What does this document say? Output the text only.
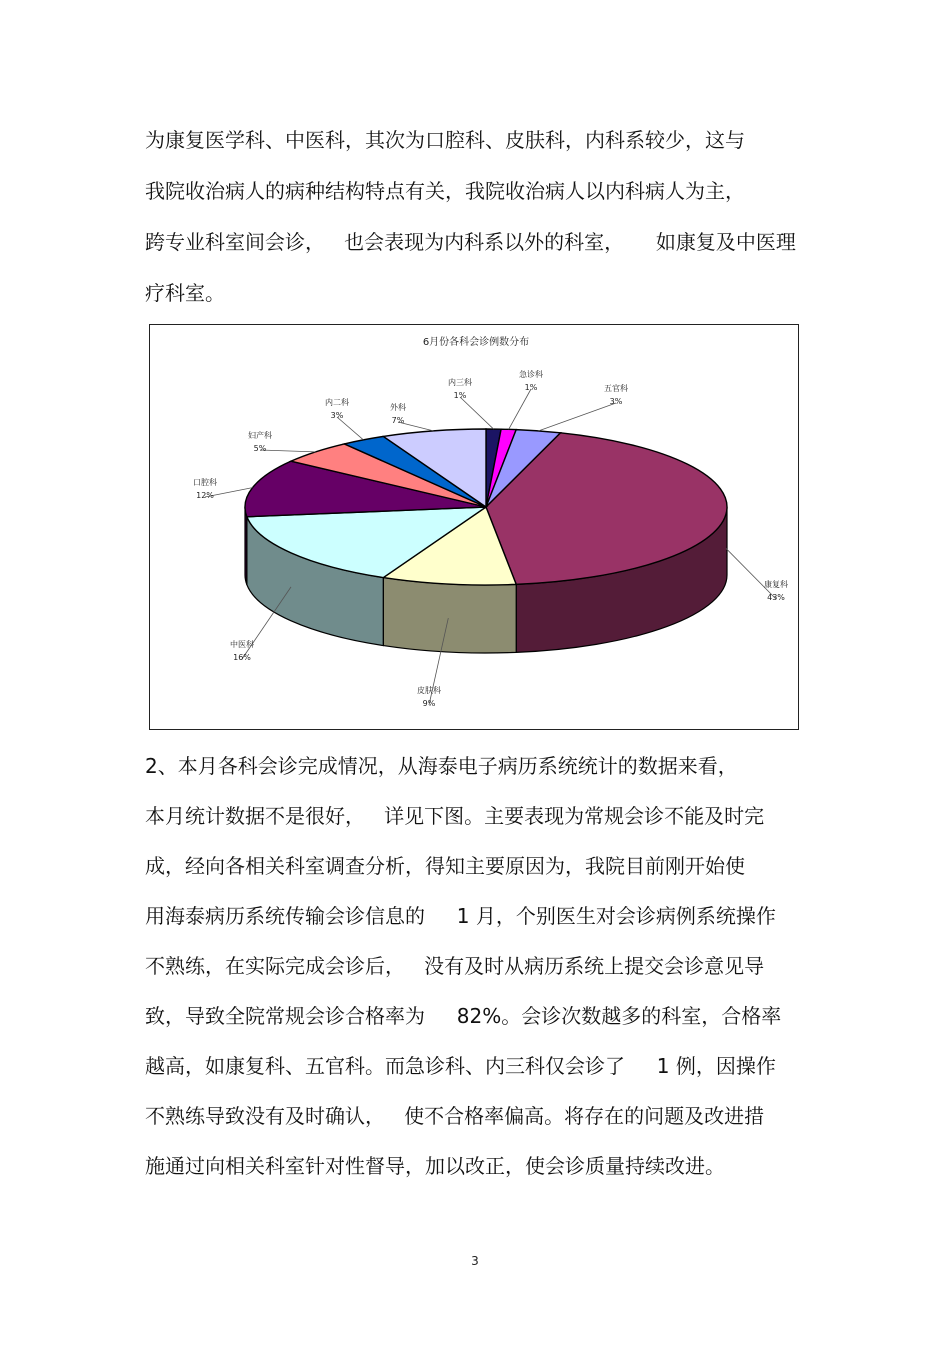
为康复医学科、中医科，其次为口腔科、皮肤科，内科系较少，这与
我院收治病人的病种结构特点有关，我院收治病人以内科病人为主，
跨专业科室间会诊，   也会表现为内科系以外的科室，     如康复及中医理
疗科室。
6月份各科会诊例数分布
内三科
1%
急诊科
1%	五官科
3%
康复科
43%
皮肤科
9%
中医科
16%
口腔科
12%
妇产科
5%
内二科
3%
外科
7%
2、本月各科会诊完成情况，从海泰电子病历系统统计的数据来看，
本月统计数据不是很好，   详见下图。主要表现为常规会诊不能及时完
成，经向各相关科室调查分析，得知主要原因为，我院目前刚开始使
用海泰病历系统传输会诊信息的     1 月，个别医生对会诊病例系统操作
不熟练，在实际完成会诊后，   没有及时从病历系统上提交会诊意见导
致，导致全院常规会诊合格率为     82%。会诊次数越多的科室，合格率
越高，如康复科、五官科。而急诊科、内三科仅会诊了     1 例，因操作
不熟练导致没有及时确认，   使不合格率偏高。将存在的问题及改进措
施通过向相关科室针对性督导，加以改正，使会诊质量持续改进。
3
